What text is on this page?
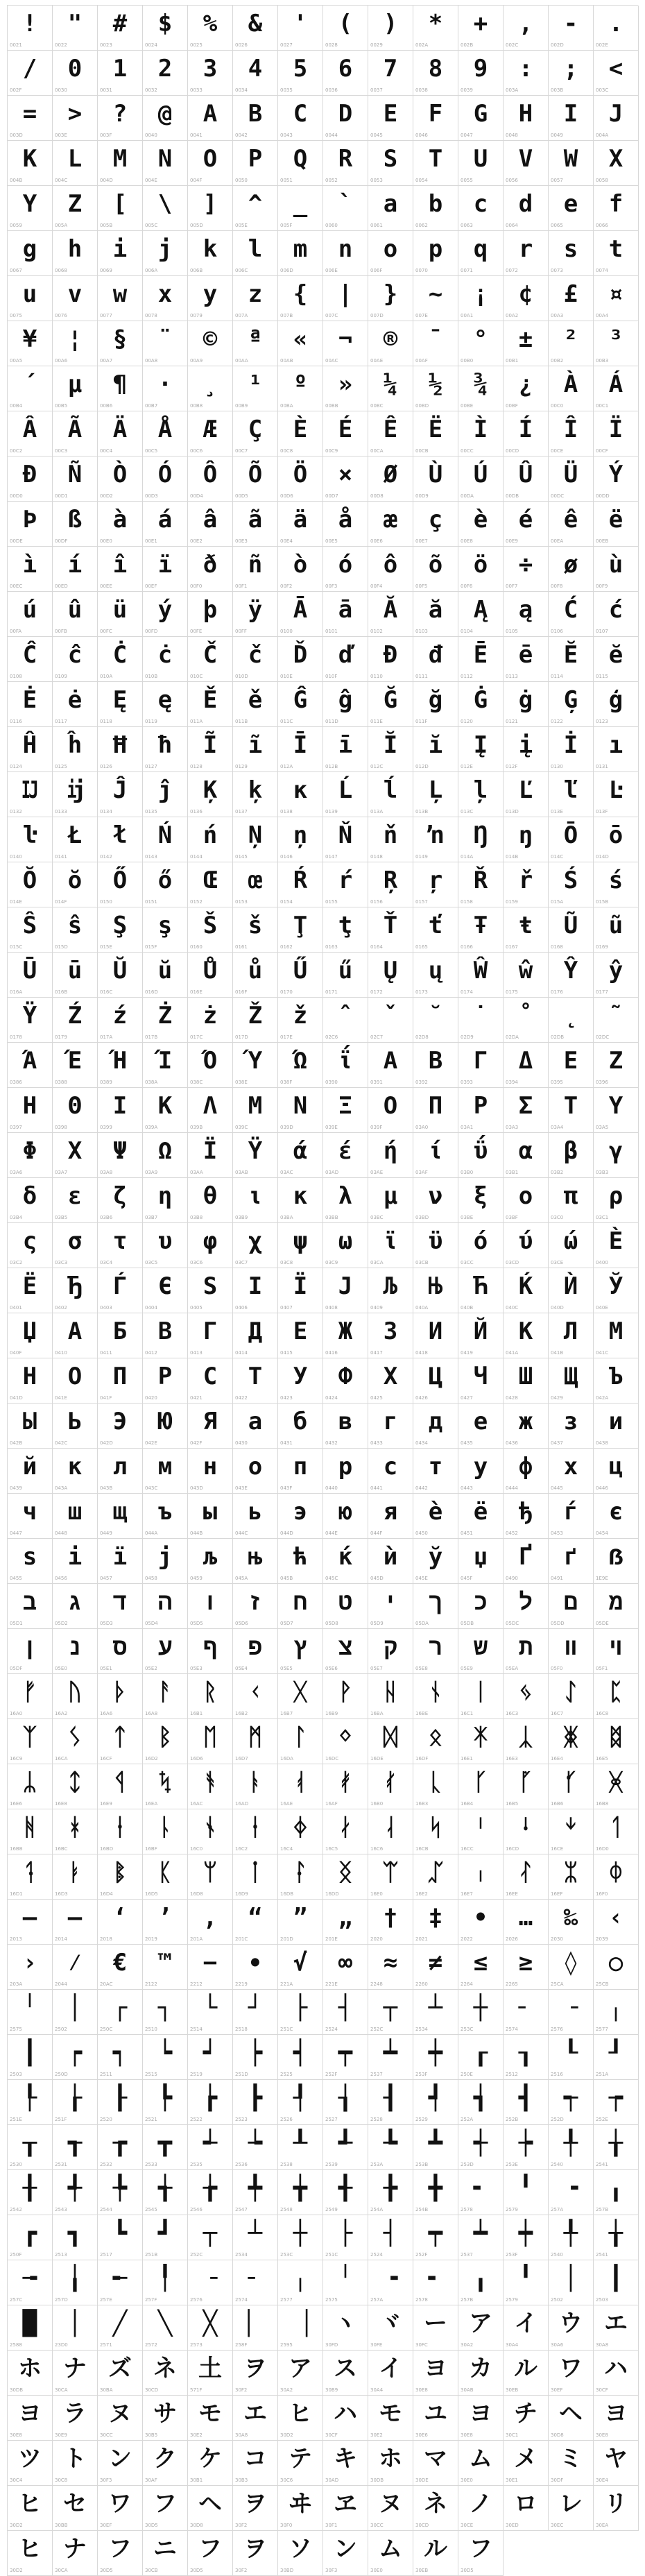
!
0021
"
0022
#
0023
$
0024
%
0025
&
0026
'
0027
(
0028
)
0029
*
002A
+
002B
,
002C
-
002D
.
002E
/
002F
0
0030
1
0031
2
0032
3
0033
4
0034
5
0035
6
0036
7
0037
8
0038
9
0039
:
003A
;
003B
<
003C
=
003D
>
003E
?
003F
@
0040
A
0041
B
0042
C
0043
D
0044
E
0045
F
0046
G
0047
H
0048
I
0049
J
004A
K
004B
L
004C
M
004D
N
004E
O
004F
P
0050
Q
0051
R
0052
S
0053
T
0054
U
0055
V
0056
W
0057
X
0058
Y
0059
Z
005A
[
005B
\
005C
]
005D
^
005E
_
005F
`
0060
a
0061
b
0062
c
0063
d
0064
e
0065
f
0066
g
0067
h
0068
i
0069
j
006A
k
006B
l
006C
m
006D
n
006E
o
006F
p
0070
q
0071
r
0072
s
0073
t
0074
u
0075
v
0076
w
0077
x
0078
y
0079
z
007A
{
007B
|
007C
}
007D
~
007E
¡
00A1
¢
00A2
£
00A3
¤
00A4
¥
00A5
¦
00A6
§
00A7
¨
00A8
©
00A9
ª
00AA
«
00AB
¬
00AC
®
00AE
¯
00AF
°
00B0
±
00B1
²
00B2
³
00B3
´
00B4
µ
00B5
¶
00B6
·
00B7
¸
00B8
¹
00B9
º
00BA
»
00BB
¼
00BC
½
00BD
¾
00BE
¿
00BF
À
00C0
Á
00C1
Â
00C2
Ã
00C3
Ä
00C4
Å
00C5
Æ
00C6
Ç
00C7
È
00C8
É
00C9
Ê
00CA
Ë
00CB
Ì
00CC
Í
00CD
Î
00CE
Ï
00CF
Ð
00D0
Ñ
00D1
Ò
00D2
Ó
00D3
Ô
00D4
Õ
00D5
Ö
00D6
×
00D7
Ø
00D8
Ù
00D9
Ú
00DA
Û
00DB
Ü
00DC
Ý
00DD
Þ
00DE
ß
00DF
à
00E0
á
00E1
â
00E2
ã
00E3
ä
00E4
å
00E5
æ
00E6
ç
00E7
è
00E8
é
00E9
ê
00EA
ë
00EB
ì
00EC
í
00ED
î
00EE
ï
00EF
ð
00F0
ñ
00F1
ò
00F2
ó
00F3
ô
00F4
õ
00F5
ö
00F6
÷
00F7
ø
00F8
ù
00F9
ú
00FA
û
00FB
ü
00FC
ý
00FD
þ
00FE
ÿ
00FF
Ā
0100
ā
0101
Ă
0102
ă
0103
Ą
0104
ą
0105
Ć
0106
ć
0107
Ĉ
0108
ĉ
0109
Ċ
010A
ċ
010B
Č
010C
č
010D
Ď
010E
ď
010F
Đ
0110
đ
0111
Ē
0112
ē
0113
Ĕ
0114
ĕ
0115
Ė
0116
ė
0117
Ę
0118
ę
0119
Ě
011A
ě
011B
Ĝ
011C
ĝ
011D
Ğ
011E
ğ
011F
Ġ
0120
ġ
0121
Ģ
0122
ģ
0123
Ĥ
0124
ĥ
0125
Ħ
0126
ħ
0127
Ĩ
0128
ĩ
0129
Ī
012A
ī
012B
Ĭ
012C
ĭ
012D
Į
012E
į
012F
İ
0130
ı
0131
Ĳ
0132
ĳ
0133
Ĵ
0134
ĵ
0135
Ķ
0136
ķ
0137
ĸ
0138
Ĺ
0139
ĺ
013A
Ļ
013B
ļ
013C
Ľ
013D
ľ
013E
Ŀ
013F
ŀ
0140
Ł
0141
ł
0142
Ń
0143
ń
0144
Ņ
0145
ņ
0146
Ň
0147
ň
0148
ŉ
0149
Ŋ
014A
ŋ
014B
Ō
014C
ō
014D
Ŏ
014E
ŏ
014F
Ő
0150
ő
0151
Œ
0152
œ
0153
Ŕ
0154
ŕ
0155
Ŗ
0156
ŗ
0157
Ř
0158
ř
0159
Ś
015A
ś
015B
Ŝ
015C
ŝ
015D
Ş
015E
ş
015F
Š
0160
š
0161
Ţ
0162
ţ
0163
Ť
0164
ť
0165
Ŧ
0166
ŧ
0167
Ũ
0168
ũ
0169
Ū
016A
ū
016B
Ŭ
016C
ŭ
016D
Ů
016E
ů
016F
Ű
0170
ű
0171
Ų
0172
ų
0173
Ŵ
0174
ŵ
0175
Ŷ
0176
ŷ
0177
Ÿ
0178
Ź
0179
ź
017A
Ż
017B
ż
017C
Ž
017D
ž
017E
ˆ
02C6
ˇ
02C7
˘
02D8
˙
02D9
˚
02DA
˛
02DB
˜
02DC
Ά
0386
Έ
0388
Ή
0389
Ί
038A
Ό
038C
Ύ
038E
Ώ
038F
ΐ
0390
Α
0391
Β
0392
Γ
0393
Δ
0394
Ε
0395
Ζ
0396
Η
0397
Θ
0398
Ι
0399
Κ
039A
Λ
039B
Μ
039C
Ν
039D
Ξ
039E
Ο
039F
Π
03A0
Ρ
03A1
Σ
03A3
Τ
03A4
Υ
03A5
Φ
03A6
Χ
03A7
Ψ
03A8
Ω
03A9
Ϊ
03AA
Ϋ
03AB
ά
03AC
έ
03AD
ή
03AE
ί
03AF
ΰ
03B0
α
03B1
β
03B2
γ
03B3
δ
03B4
ε
03B5
ζ
03B6
η
03B7
θ
03B8
ι
03B9
κ
03BA
λ
03BB
μ
03BC
ν
03BD
ξ
03BE
ο
03BF
π
03C0
ρ
03C1
ς
03C2
σ
03C3
τ
03C4
υ
03C5
φ
03C6
χ
03C7
ψ
03C8
ω
03C9
ϊ
03CA
ϋ
03CB
ό
03CC
ύ
03CD
ώ
03CE
Ѐ
0400
Ё
0401
Ђ
0402
Ѓ
0403
Є
0404
Ѕ
0405
І
0406
Ї
0407
Ј
0408
Љ
0409
Њ
040A
Ћ
040B
Ќ
040C
Ѝ
040D
Ў
040E
Џ
040F
А
0410
Б
0411
В
0412
Г
0413
Д
0414
Е
0415
Ж
0416
З
0417
И
0418
Й
0419
К
041A
Л
041B
М
041C
Н
041D
О
041E
П
041F
Р
0420
С
0421
Т
0422
У
0423
Ф
0424
Х
0425
Ц
0426
Ч
0427
Ш
0428
Щ
0429
Ъ
042A
Ы
042B
Ь
042C
Э
042D
Ю
042E
Я
042F
а
0430
б
0431
в
0432
г
0433
д
0434
е
0435
ж
0436
з
0437
и
0438
й
0439
к
043A
л
043B
м
043C
н
043D
о
043E
п
043F
р
0440
с
0441
т
0442
у
0443
ф
0444
х
0445
ц
0446
ч
0447
ш
0448
щ
0449
ъ
044A
ы
044B
ь
044C
э
044D
ю
044E
я
044F
ѐ
0450
ё
0451
ђ
0452
ѓ
0453
є
0454
ѕ
0455
і
0456
ї
0457
ј
0458
љ
0459
њ
045A
ћ
045B
ќ
045C
ѝ
045D
ў
045E
џ
045F
Ґ
0490
ґ
0491
ẞ
1E9E
ב
05D1
ג
05D2
ד
05D3
ה
05D4
ו
05D5
ז
05D6
ח
05D7
ט
05D8
י
05D9
ך
05DA
כ
05DB
ל
05DC
ם
05DD
מ
05DE
ן
05DF
נ
05E0
ס
05E1
ע
05E2
ף
05E3
פ
05E4
ץ
05E5
צ
05E6
ק
05E7
ר
05E8
ש
05E9
ת
05EA
װ
05F0
ױ
05F1
ᚠ
16A0
ᚢ
16A2
ᚦ
16A6
ᚨ
16A8
ᚱ
16B1
ᚲ
16B2
ᚷ
16B7
ᚹ
16B9
ᚺ
16BA
ᚾ
16BE
ᛁ
16C1
ᛃ
16C3
ᛇ
16C7
ᛈ
16C8
ᛉ
16C9
ᛊ
16CA
ᛏ
16CF
ᛒ
16D2
ᛖ
16D6
ᛗ
16D7
ᛚ
16DA
ᛜ
16DC
ᛞ
16DE
ᛟ
16DF
ᛡ
16E1
ᛣ
16E3
ᛤ
16E4
ᛥ
16E5
ᛦ
16E6
ᛨ
16E8
ᛩ
16E9
ᛪ
16EA
ᚬ
16AC
ᚭ
16AD
ᚮ
16AE
ᚯ
16AF
ᚰ
16B0
ᚳ
16B3
ᚴ
16B4
ᚵ
16B5
ᚶ
16B6
ᚸ
16B8
ᚻ
16BB
ᚼ
16BC
ᚽ
16BD
ᚿ
16BF
ᛀ
16C0
ᛂ
16C2
ᛄ
16C4
ᛅ
16C5
ᛆ
16C6
ᛋ
16CB
ᛌ
16CC
ᛍ
16CD
ᛎ
16CE
ᛐ
16D0
ᛑ
16D1
ᛓ
16D3
ᛔ
16D4
ᛕ
16D5
ᛘ
16D8
ᛙ
16D9
ᛛ
16DB
ᛝ
16DD
ᛠ
16E0
ᛢ
16E2
ᛧ
16E7
ᛮ
16EE
ᛯ
16EF
ᛰ
16F0
–
2013
—
2014
‘
2018
’
2019
‚
201A
“
201C
”
201D
„
201E
†
2020
‡
2021
•
2022
…
2026
‰
2030
‹
2039
›
203A
⁄
2044
€
20AC
™
2122
−
2212
∙
2219
√
221A
∞
221E
≈
2248
≠
2260
≤
2264
≥
2265
◊
25CA
○
25CB
╵
2575
│
2502
┌
250C
┐
2510
└
2514
┘
2518
├
251C
┤
2524
┬
252C
┴
2534
┼
253C
╴
2574
╶
2576
╷
2577
┃
2503
┍
250D
┑
2511
┕
2515
┙
2519
┝
251D
┥
2525
┯
252F
┷
2537
┿
253F
┎
250E
┒
2512
┖
2516
┚
251A
┞
251E
┟
251F
┠
2520
┡
2521
┢
2522
┣
2523
┦
2526
┧
2527
┨
2528
┩
2529
┪
252A
┫
252B
┭
252D
┮
252E
┰
2530
┱
2531
┲
2532
┳
2533
┵
2535
┶
2536
┸
2538
┹
2539
┺
253A
┻
253B
┽
253D
┾
253E
╀
2540
╁
2541
╂
2542
╃
2543
╄
2544
╅
2545
╆
2546
╇
2547
╈
2548
╉
2549
╊
254A
╋
254B
╸
2578
╹
2579
╺
257A
╻
257B
┏
250F
┓
2513
┗
2517
┛
251B
┬
252C
┴
2534
┼
253C
├
251C
┤
2524
┯
252F
┷
2537
┿
253F
╀
2540
╁
2541
╼
257C
╽
257D
╾
257E
╿
257F
╶
2576
╴
2574
╷
2577
╵
2575
╺
257A
╸
2578
╻
257B
╹
2579
│
2502
┃
2503
█
2588
│
23D0
╱
2571
╲
2572
╳
2573
▏
258F
▕
2595
ヽ
30FD
ヾ
30FE
ー
30FC
ア
30A2
イ
30A4
ウ
30A6
エ
30A8
ホ
30DB
ナ
30CA
ズ
30BA
ネ
30CD
土
571F
ヲ
30F2
ア
30A2
ス
30B9
イ
30A4
ヨ
30E8
カ
30AB
ル
30EB
ワ
30EF
ハ
30CF
ヨ
30E8
ラ
30E9
ヌ
30CC
サ
30B5
モ
30E2
エ
30A8
ヒ
30D2
ハ
30CF
モ
30E2
ユ
30E6
ヨ
30E8
チ
30C1
ヘ
30D8
ヨ
30E8
ツ
30C4
ト
30C8
ン
30F3
ク
30AF
ケ
30B1
コ
30B3
テ
30C6
キ
30AD
ホ
30DB
マ
30DE
ム
30E0
メ
30E1
ミ
30DF
ヤ
30E4
ヒ
30D2
セ
30BB
ワ
30EF
フ
30D5
ヘ
30D8
ヲ
30F2
ヰ
30F0
ヱ
30F1
ヌ
30CC
ネ
30CD
ノ
30CE
ロ
30ED
レ
30EC
リ
30EA
ヒ
30D2
ナ
30CA
フ
30D5
ニ
30CB
フ
30D5
ヲ
30F2
ソ
30BD
ン
30F3
ム
30E0
ル
30EB
フ
30D5
